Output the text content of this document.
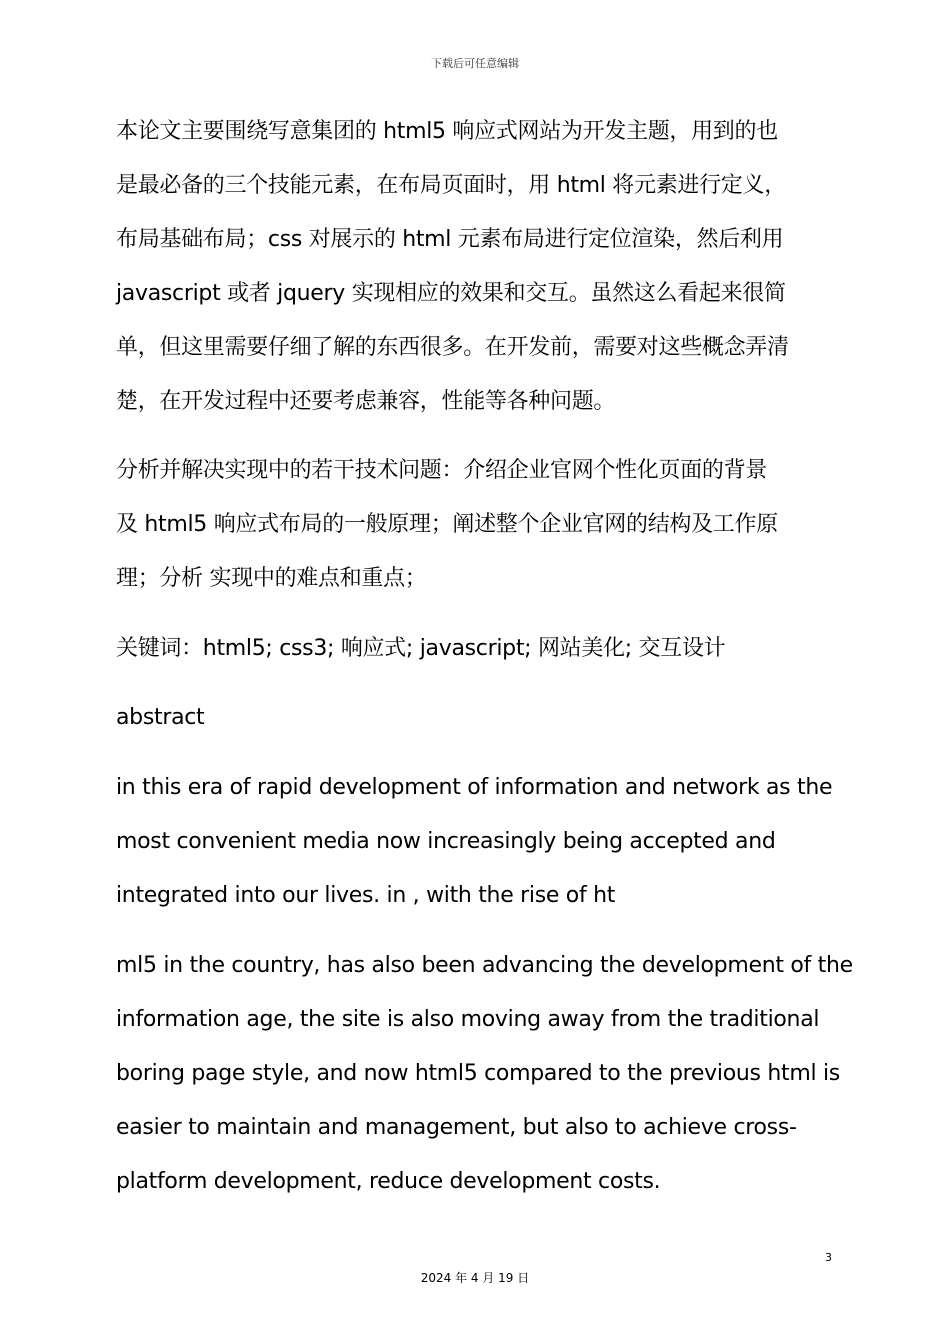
下载后可任意编辑
本论文主要围绕写意集团的 html5 响应式网站为开发主题，用到的也
是最必备的三个技能元素，在布局页面时，用 html 将元素进行定义，
布局基础布局；css 对展示的 html 元素布局进行定位渲染，然后利用
javascript 或者 jquery 实现相应的效果和交互。虽然这么看起来很简
单，但这里需要仔细了解的东西很多。在开发前，需要对这些概念弄清
楚，在开发过程中还要考虑兼容，性能等各种问题。
分析并解决实现中的若干技术问题：介绍企业官网个性化页面的背景
及 html5 响应式布局的一般原理；阐述整个企业官网的结构及工作原
理；分析 实现中的难点和重点；
关键词：html5; css3; 响应式; javascript; 网站美化; 交互设计
abstract
in this era of rapid development of information and network as the
most convenient media now increasingly being accepted and
integrated into our lives. in , with the rise of ht
ml5 in the country, has also been advancing the development of the
information age, the site is also moving away from the traditional
boring page style, and now html5 compared to the previous html is
easier to maintain and management, but also to achieve cross-
platform development, reduce development costs.
3
2024 年 4 月 19 日
